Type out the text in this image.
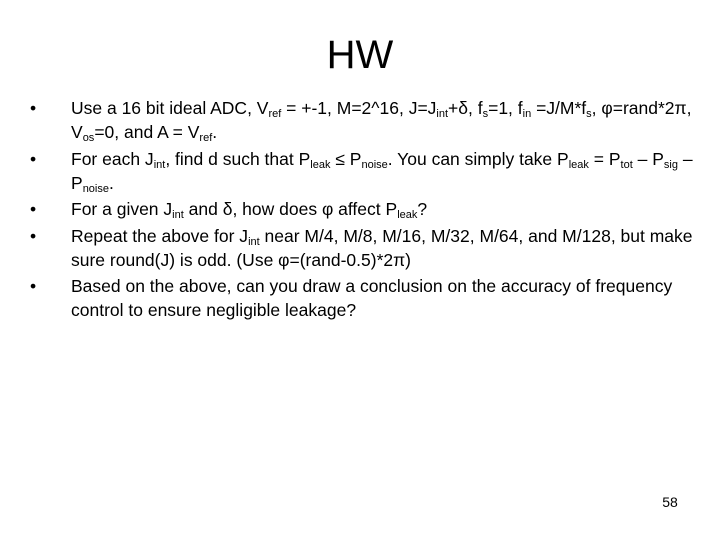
HW
•	Use a 16 bit ideal ADC, $V_{ref} = +-1$, M=2^16, $J=J_{int}+\delta$, $f_s=1$, $f_{in} =J/M*f_s$, φ=rand*2π, $V_{os}=0$, and $A = V_{ref}$.
•	For each $J_{int}$, find d such that $P_{leak} \le P_{noise}$. You can simply take $P_{leak} = P_{tot} - P_{sig} - P_{noise}$.
•	For a given $J_{int}$ and δ, how does φ affect $P_{leak}$?
•	Repeat the above for $J_{int}$ near M/4, M/8, M/16, M/32, M/64, and M/128, but make sure round(J) is odd. (Use φ=(rand-0.5)*2π)
•	Based on the above, can you draw a conclusion on the accuracy of frequency control to ensure negligible leakage?
58
